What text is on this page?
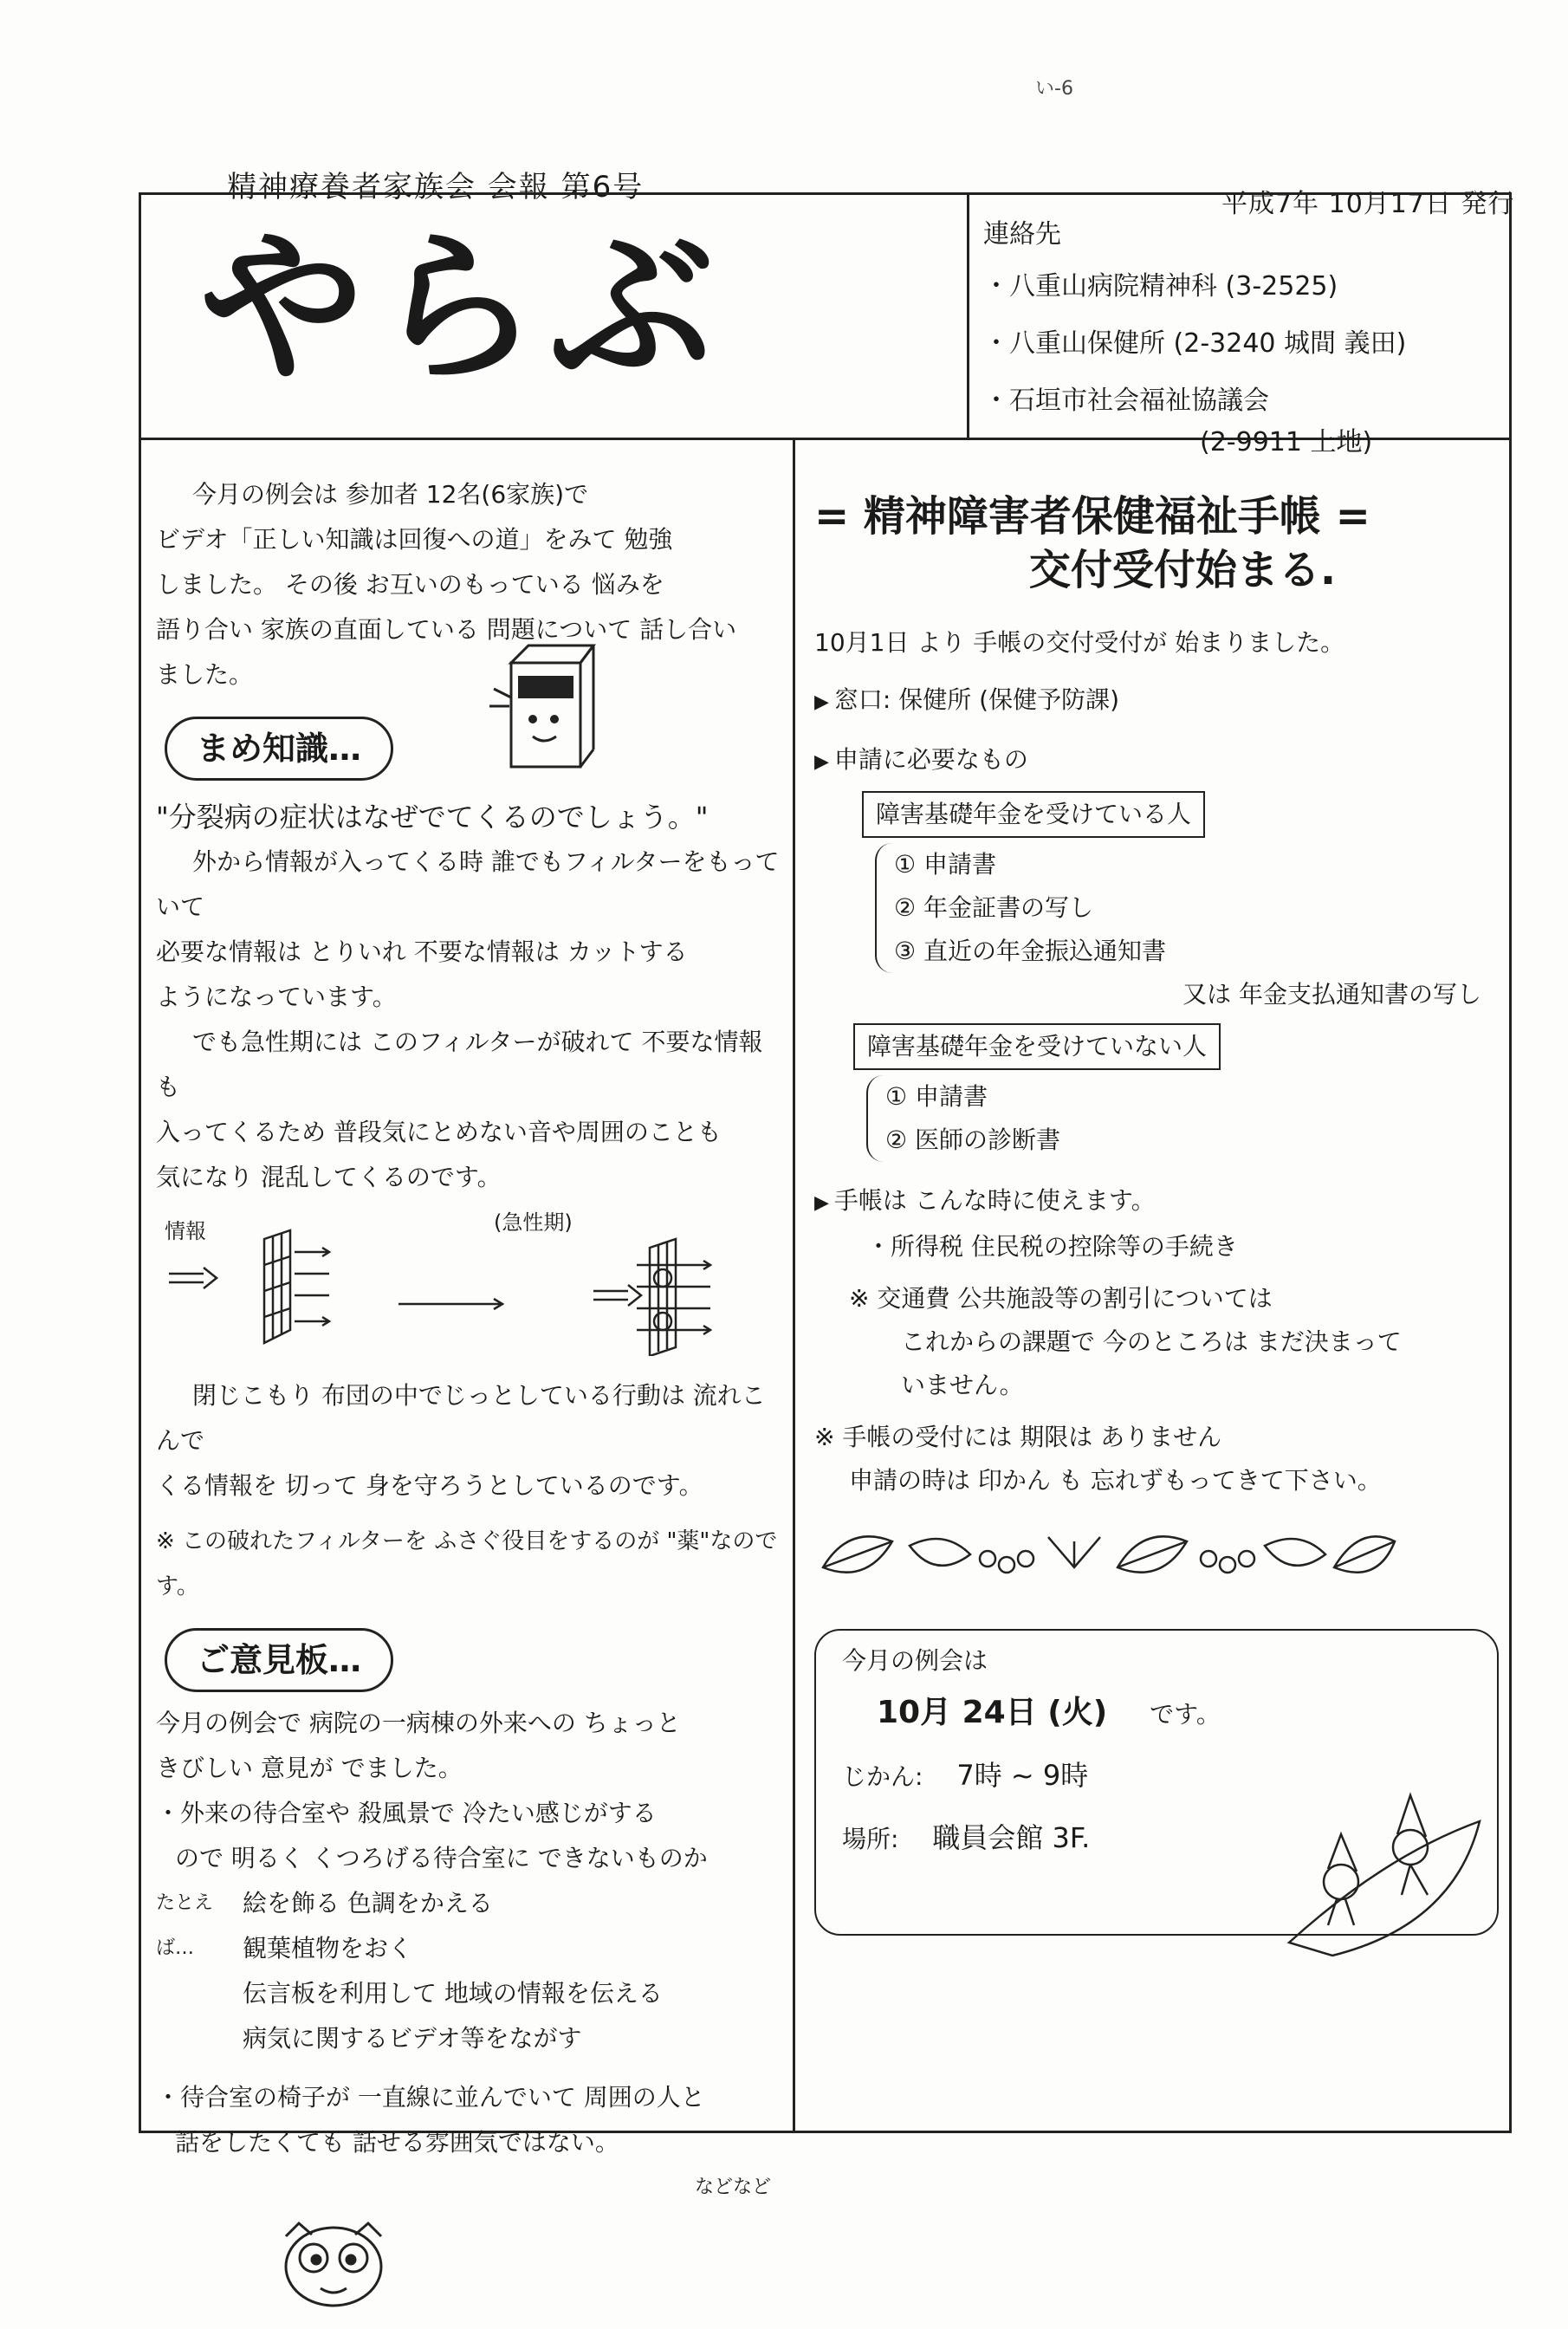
い-6
精神療養者家族会 会報 第6号	平成7年 10月17日 発行
やらぶ	連絡先
・八重山病院精神科 (3-2525)
・八重山保健所 (2-3240 城間 義田)
・石垣市社会福祉協議会
(2-9911 上地)

今月の例会は 参加者 12名(6家族)で

ビデオ「正しい知識は回復への道」をみて 勉強

しました。 その後 お互いのもっている 悩みを

語り合い 家族の直面している 問題について 話し合い

ました。

まめ知識…

"分裂病の症状はなぜでてくるのでしょう。"

外から情報が入ってくる時 誰でもフィルターをもっていて

必要な情報は とりいれ 不要な情報は カットする

ようになっています。

でも急性期には このフィルターが破れて 不要な情報も

入ってくるため 普段気にとめない音や周囲のことも

気になり 混乱してくるのです。

情報	(急性期)

閉じこもり 布団の中でじっとしている行動は 流れこんで

くる情報を 切って 身を守ろうとしているのです。

※ この破れたフィルターを ふさぐ役目をするのが "薬"なのです。

ご意見板…

今月の例会で 病院の一病棟の外来への ちょっと

きびしい 意見が でました。

・外来の待合室や 殺風景で 冷たい感じがする

ので 明るく くつろげる待合室に できないものか

たとえば…

絵を飾る 色調をかえる

観葉植物をおく

伝言板を利用して 地域の情報を伝える

病気に関するビデオ等をながす

・待合室の椅子が 一直線に並んでいて 周囲の人と

話をしたくても 話せる雰囲気ではない。

などなど

= 精神障害者保健福祉手帳 =
交付受付始まる.

10月1日 より 手帳の交付受付が 始まりました。

▶ 窓口: 保健所 (保健予防課)

▶ 申請に必要なもの

障害基礎年金を受けている人

① 申請書

② 年金証書の写し

③ 直近の年金振込通知書

又は 年金支払通知書の写し

障害基礎年金を受けていない人

① 申請書

② 医師の診断書

▶ 手帳は こんな時に使えます。

・所得税 住民税の控除等の手続き

※ 交通費 公共施設等の割引については

これからの課題で 今のところは まだ決まって

いません。

※ 手帳の受付には 期限は ありません

申請の時は 印かん も 忘れずもってきて下さい。

今月の例会は

10月 24日 (火) です。

じかん: 7時 ~ 9時

場所: 職員会館 3F.
